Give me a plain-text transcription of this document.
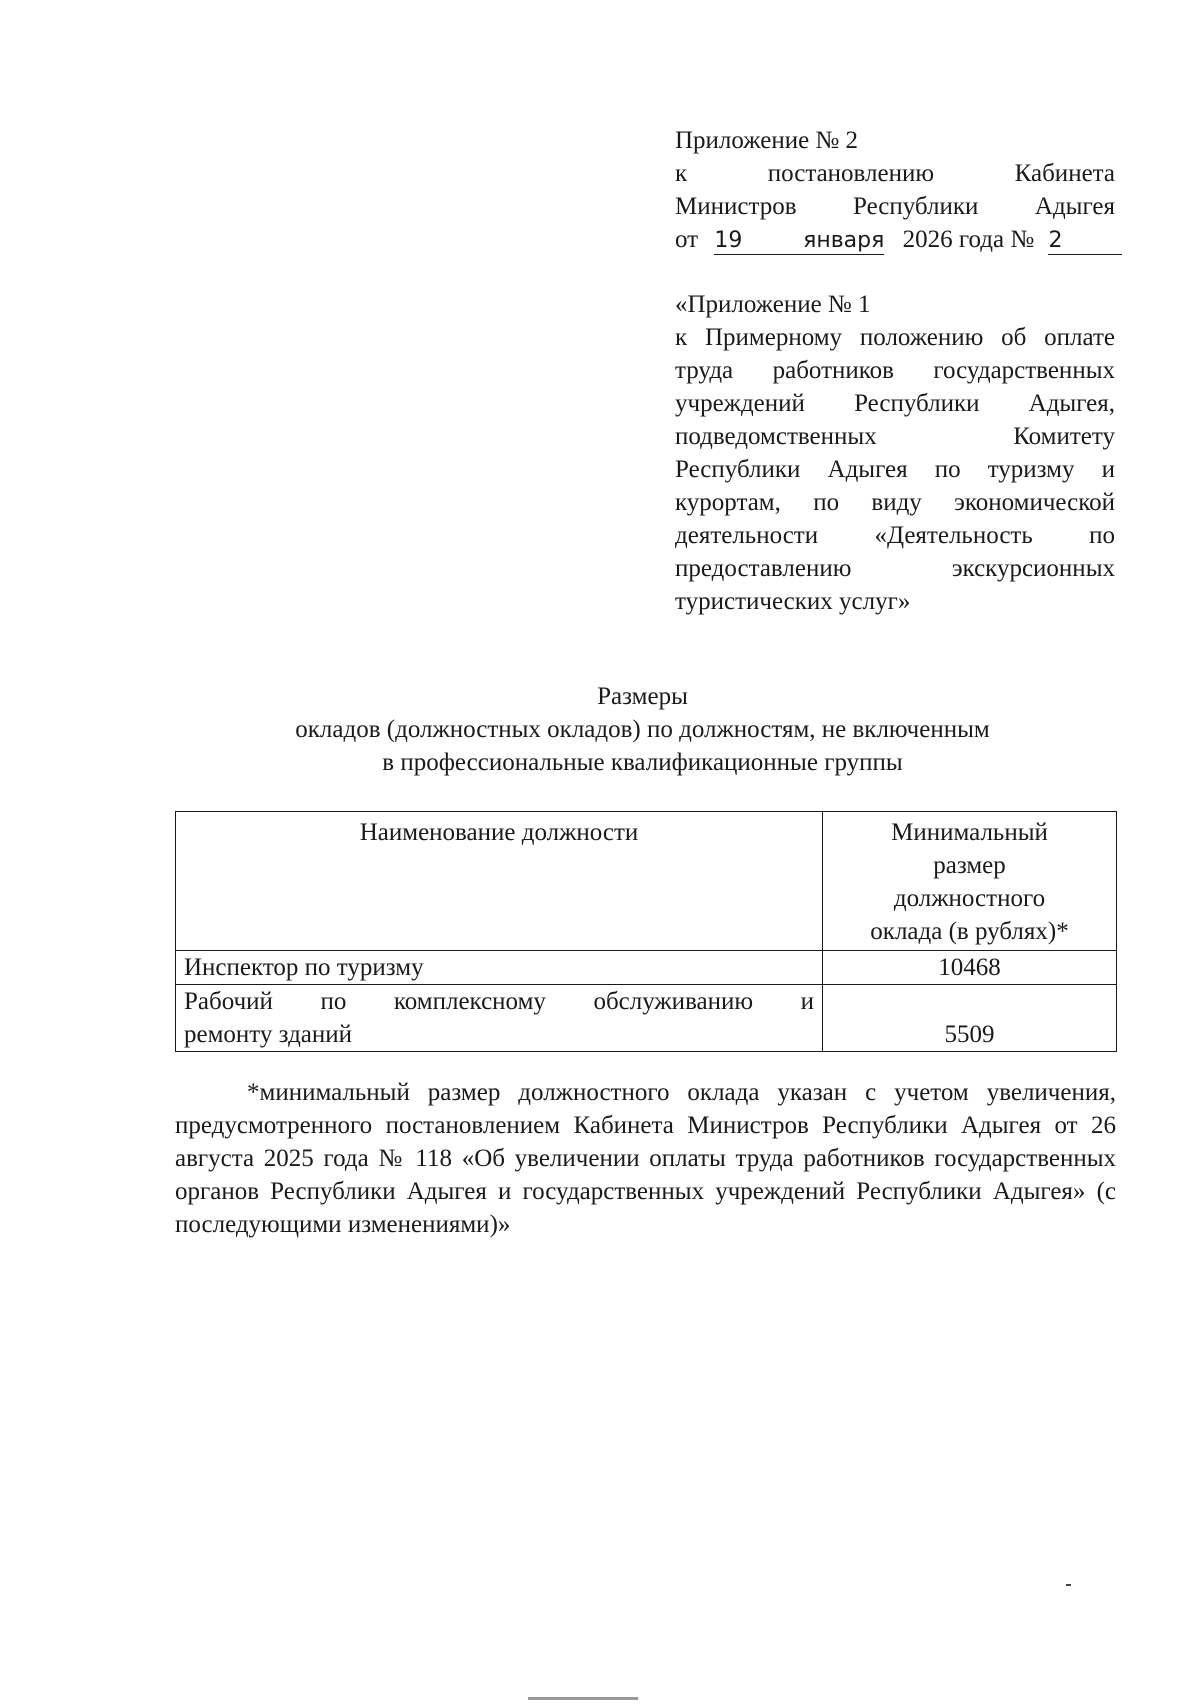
Приложение № 2
к постановлению Кабинета
Министров Республики Адыгея
от 19 января 2026 года № 2
«Приложение № 1
к Примерному положению об оплате
труда работников государственных
учреждений Республики Адыгея,
подведомственных Комитету
Республики Адыгея по туризму и
курортам, по виду экономической
деятельности «Деятельность по
предоставлению экскурсионных
туристических услуг»
Размеры
окладов (должностных окладов) по должностям, не включенным
в профессиональные квалификационные группы
Наименование должности	Минимальный
размер
должностного
оклада (в рублях)*

Инспектор по туризму	10468

Рабочий по комплексному обслуживанию и
ремонту зданий	5509
*минимальный размер должностного оклада указан с учетом увеличения, предусмотренного постановлением Кабинета Министров Республики Адыгея от 26 августа 2025 года № 118 «Об увеличении оплаты труда работников государственных органов Республики Адыгея и государственных учреждений Республики Адыгея» (с последующими изменениями)»
